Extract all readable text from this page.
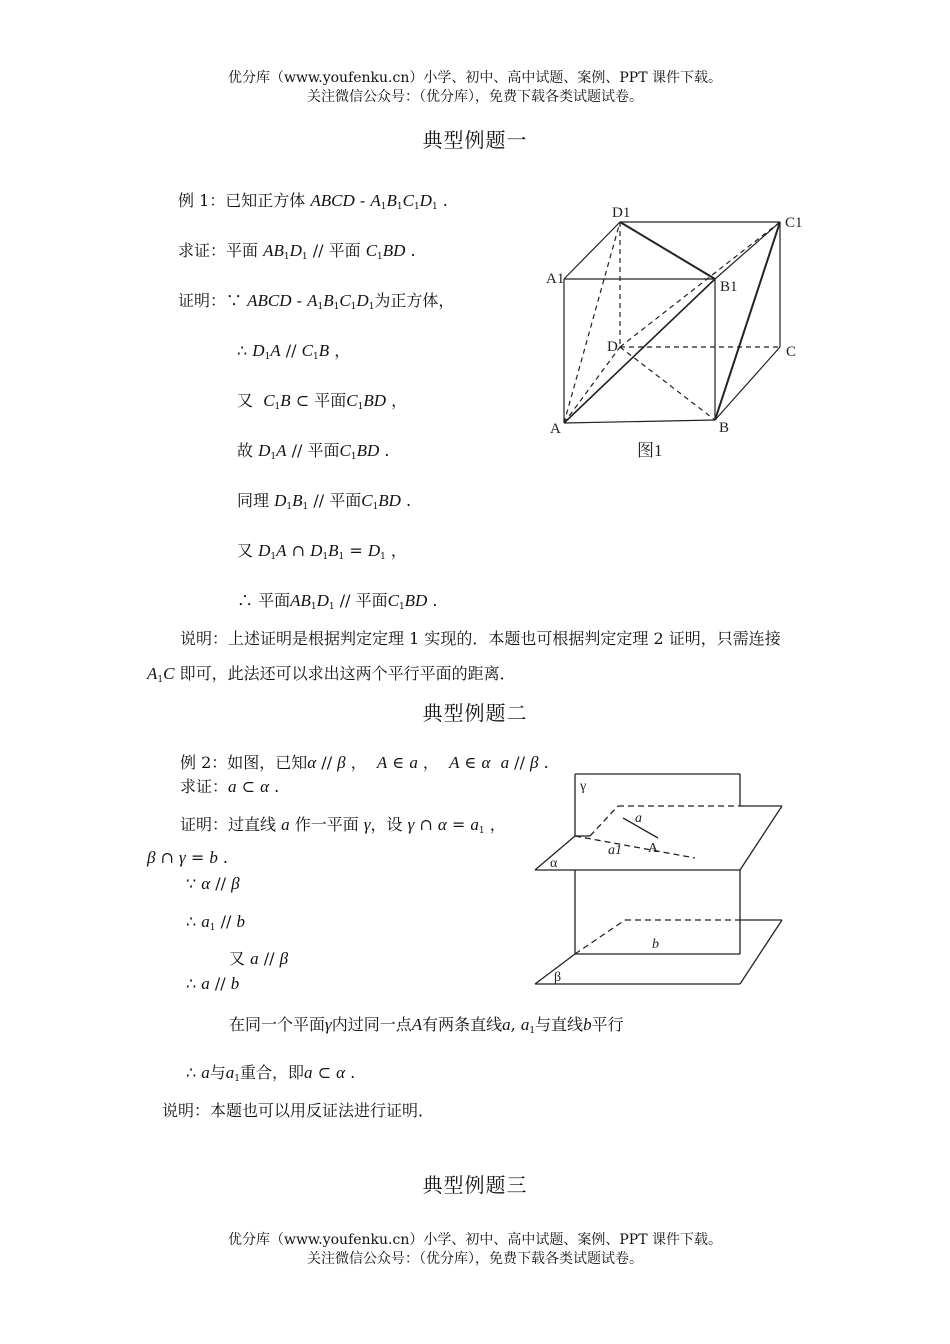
优分库（www.youfenku.cn）小学、初中、高中试题、案例、PPT 课件下载。
关注微信公众号：（优分库），免费下载各类试题试卷。
典型例题一
例 1：已知正方体 ABCD - $A_1B_1C_1D_1$ .
求证：平面 $AB_1D_1$ // 平面 $C_1BD$ .
证明：∵ ABCD - $A_1B_1C_1D_1$为正方体，
∴ $D_1A // C_1B$ ，
又 $C_1B$ ⊂ 平面$C_1BD$ ，
故 $D_1A$ // 平面$C_1BD$ .
同理 $D_1B_1$ // 平面$C_1BD$ .
又 $D_1A$ ∩ $D_1B_1 = D_1$ ，
∴ 平面$AB_1D_1$ // 平面$C_1BD$ .
说明：上述证明是根据判定定理 1 实现的．本题也可根据判定定理 2 证明，只需连接
$A_1C$ 即可，此法还可以求出这两个平行平面的距离．
D1
C1
A1	B1
D	C
A	B
图1
典型例题二
例 2：如图，已知α // β ，  A ∈ a ，  A ∈ α a // β .
求证：a ⊂ α .
证明：过直线 a 作一平面 γ，设 γ ∩ $\alpha = a_1$ ，
β ∩ γ = b .
∵ α // β
∴ $a_1$ // b
又 a // β
∴ a // b
在同一个平面γ内过同一点A有两条直线a, $a_1$与直线b平行
∴ a与$a_1$重合，即a ⊂ α .
说明：本题也可以用反证法进行证明．
γ
a
a1 A
α
b
β
典型例题三
优分库（www.youfenku.cn）小学、初中、高中试题、案例、PPT 课件下载。
关注微信公众号：（优分库），免费下载各类试题试卷。
